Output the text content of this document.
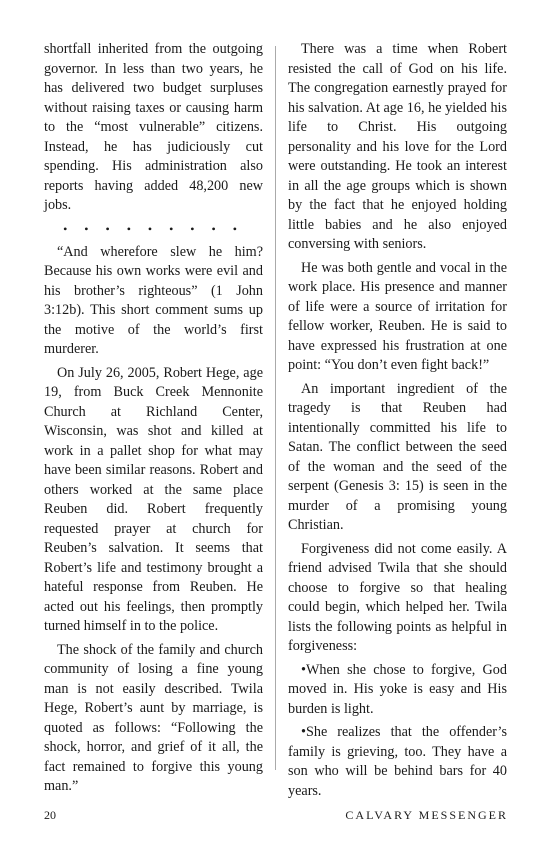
shortfall inherited from the outgoing governor. In less than two years, he has delivered two budget surpluses without raising taxes or causing harm to the “most vulnerable” citizens. Instead, he has judiciously cut spending. His administration also reports having added 48,200 new jobs.

• • • • • • • • •

“And wherefore slew he him? Because his own works were evil and his brother’s righteous” (1 John 3:12b). This short comment sums up the motive of the world’s first murderer.

On July 26, 2005, Robert Hege, age 19, from Buck Creek Mennonite Church at Richland Center, Wisconsin, was shot and killed at work in a pallet shop for what may have been similar reasons. Robert and others worked at the same place Reuben did. Robert frequently requested prayer at church for Reuben’s salvation. It seems that Robert’s life and testimony brought a hateful response from Reuben. He acted out his feelings, then promptly turned himself in to the police.

The shock of the family and church community of losing a fine young man is not easily described. Twila Hege, Robert’s aunt by marriage, is quoted as follows: “Following the shock, horror, and grief of it all, the fact remained to forgive this young man.”

There was a time when Robert resisted the call of God on his life. The congregation earnestly prayed for his salvation. At age 16, he yielded his life to Christ. His outgoing personality and his love for the Lord were outstanding. He took an interest in all the age groups which is shown by the fact that he enjoyed holding little babies and he also enjoyed conversing with seniors.

He was both gentle and vocal in the work place. His presence and manner of life were a source of irritation for fellow worker, Reuben. He is said to have expressed his frustration at one point: “You don’t even fight back!”

An important ingredient of the tragedy is that Reuben had intentionally committed his life to Satan. The conflict between the seed of the woman and the seed of the serpent (Genesis 3: 15) is seen in the murder of a promising young Christian.

Forgiveness did not come easily. A friend advised Twila that she should choose to forgive so that healing could begin, which helped her. Twila lists the following points as helpful in forgiveness:

•When she chose to forgive, God moved in. His yoke is easy and His burden is light.

•She realizes that the offender’s family is grieving, too. They have a son who will be behind bars for 40 years.

20	CALVARY MESSENGER
